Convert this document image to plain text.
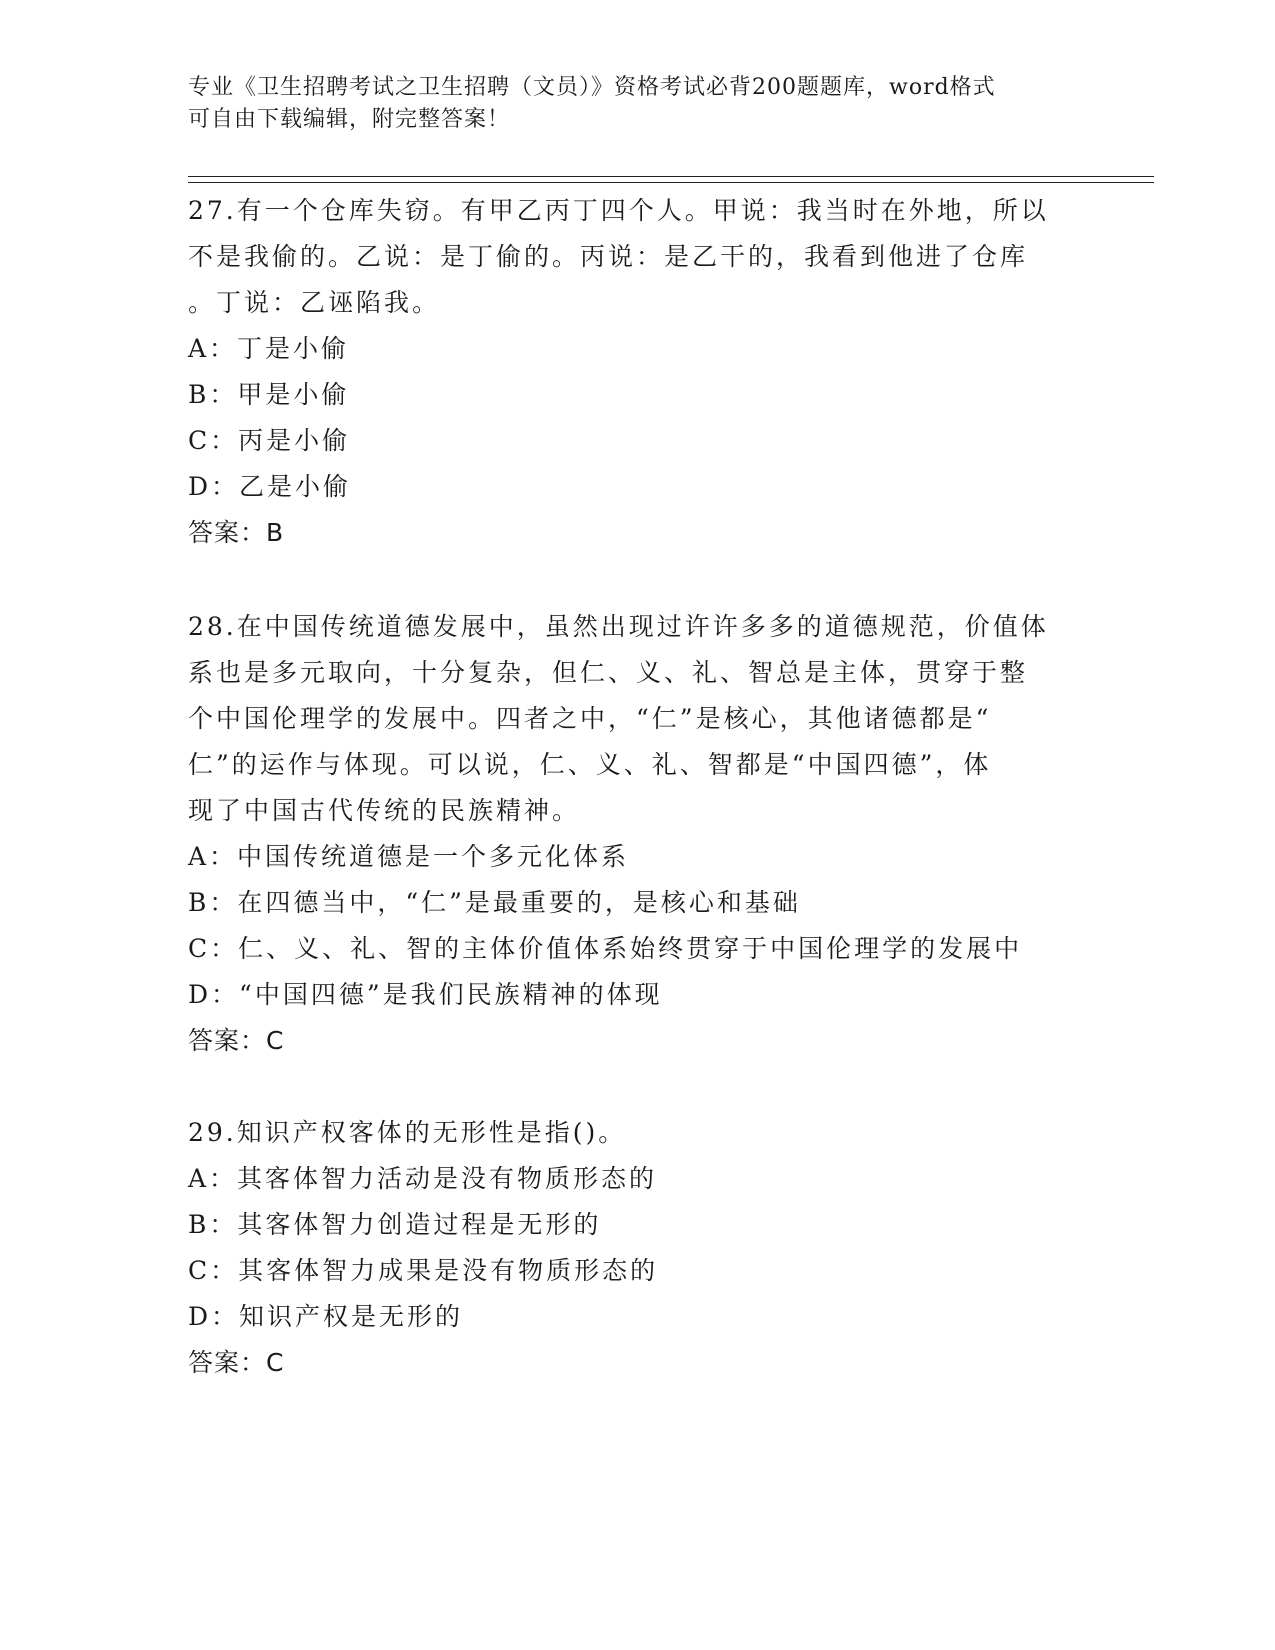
专业《卫生招聘考试之卫生招聘（文员）》资格考试必背200题题库，word格式
可自由下载编辑，附完整答案！

27.有一个仓库失窃。有甲乙丙丁四个人。甲说：我当时在外地，所以

不是我偷的。乙说：是丁偷的。丙说：是乙干的，我看到他进了仓库

。丁说：乙诬陷我。

A：丁是小偷

B：甲是小偷

C：丙是小偷

D：乙是小偷

答案：B

28.在中国传统道德发展中，虽然出现过许许多多的道德规范，价值体

系也是多元取向，十分复杂，但仁、义、礼、智总是主体，贯穿于整

个中国伦理学的发展中。四者之中，“仁”是核心，其他诸德都是“

仁”的运作与体现。可以说，仁、义、礼、智都是“中国四德”，体

现了中国古代传统的民族精神。

A：中国传统道德是一个多元化体系

B：在四德当中，“仁”是最重要的，是核心和基础

C：仁、义、礼、智的主体价值体系始终贯穿于中国伦理学的发展中

D：“中国四德”是我们民族精神的体现

答案：C

29.知识产权客体的无形性是指()。

A：其客体智力活动是没有物质形态的

B：其客体智力创造过程是无形的

C：其客体智力成果是没有物质形态的

D：知识产权是无形的

答案：C
